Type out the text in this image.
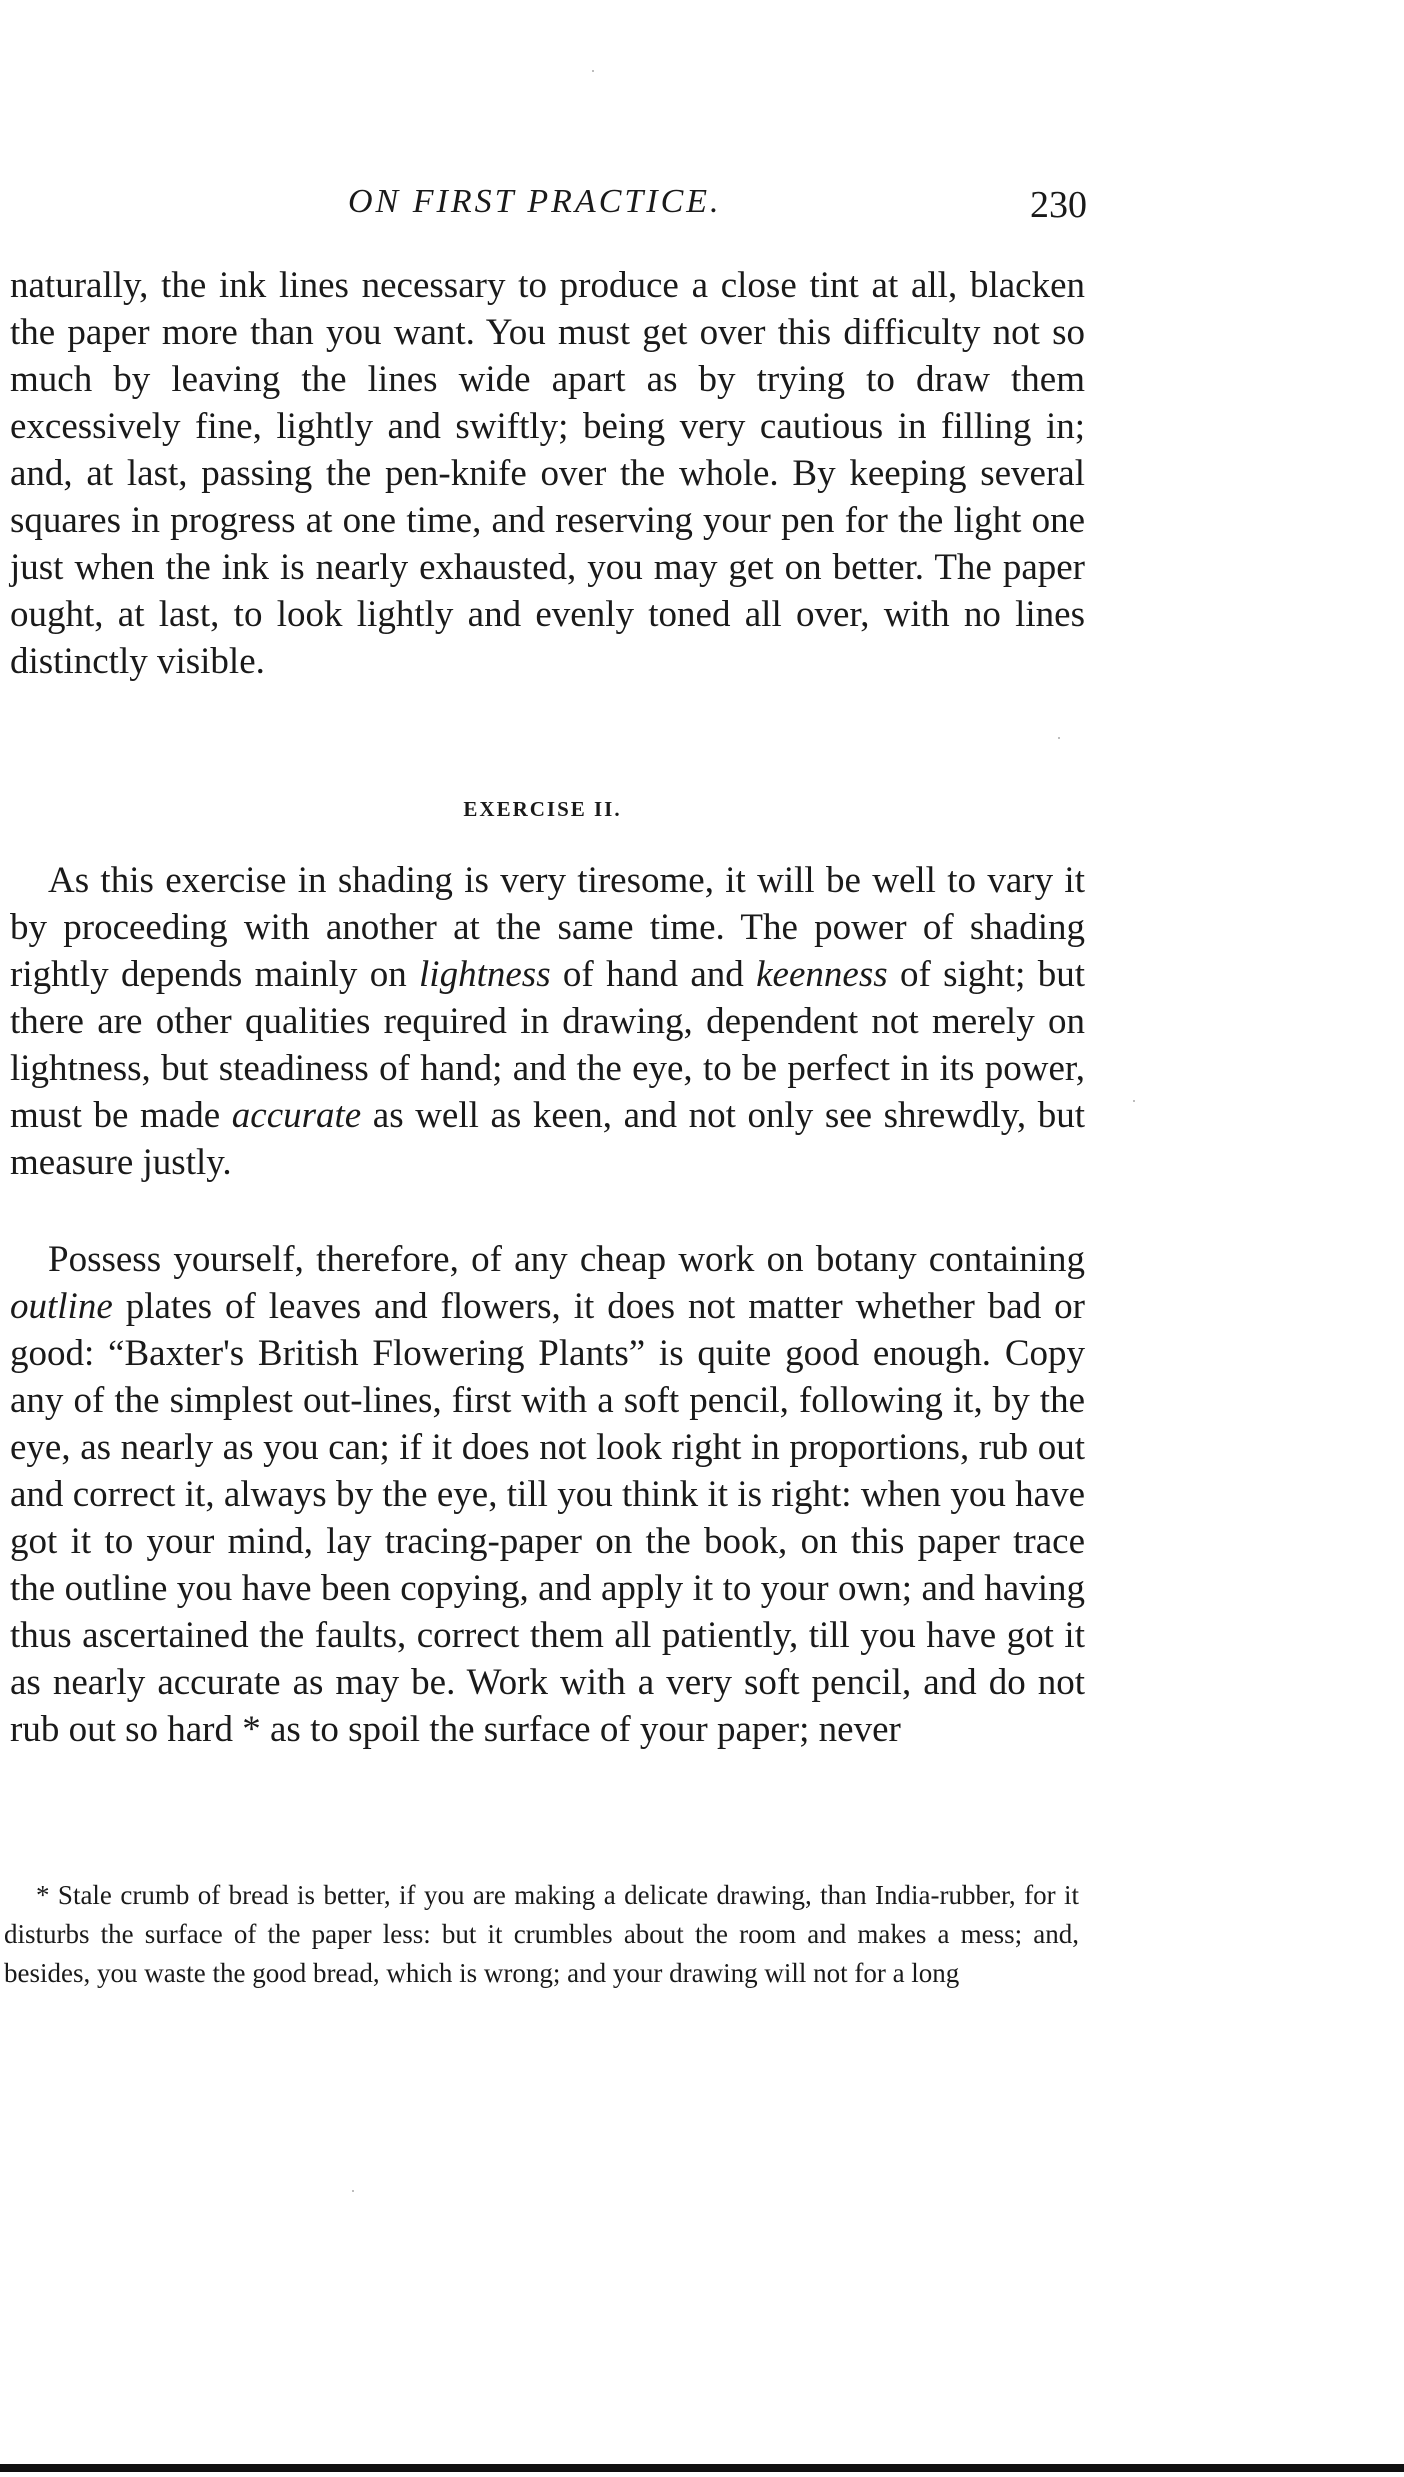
ON FIRST PRACTICE.	230

naturally, the ink lines necessary to produce a close tint at all, blacken the paper more than you want. You must get over this difficulty not so much by leaving the lines wide apart as by trying to draw them excessively fine, lightly and swiftly; being very cautious in filling in; and, at last, passing the pen-knife over the whole. By keeping several squares in progress at one time, and reserving your pen for the light one just when the ink is nearly exhausted, you may get on better. The paper ought, at last, to look lightly and evenly toned all over, with no lines distinctly visible.

EXERCISE II.

As this exercise in shading is very tiresome, it will be well to vary it by proceeding with another at the same time. The power of shading rightly depends mainly on lightness of hand and keenness of sight; but there are other qualities required in drawing, dependent not merely on lightness, but steadiness of hand; and the eye, to be perfect in its power, must be made accurate as well as keen, and not only see shrewdly, but measure justly.

Possess yourself, therefore, of any cheap work on botany containing outline plates of leaves and flowers, it does not matter whether bad or good: “Baxter's British Flowering Plants” is quite good enough. Copy any of the simplest out-lines, first with a soft pencil, following it, by the eye, as nearly as you can; if it does not look right in proportions, rub out and correct it, always by the eye, till you think it is right: when you have got it to your mind, lay tracing-paper on the book, on this paper trace the outline you have been copying, and apply it to your own; and having thus ascertained the faults, correct them all patiently, till you have got it as nearly accurate as may be. Work with a very soft pencil, and do not rub out so hard * as to spoil the surface of your paper; never

* Stale crumb of bread is better, if you are making a delicate drawing, than India-rubber, for it disturbs the surface of the paper less: but it crumbles about the room and makes a mess; and, besides, you waste the good bread, which is wrong; and your drawing will not for a long
